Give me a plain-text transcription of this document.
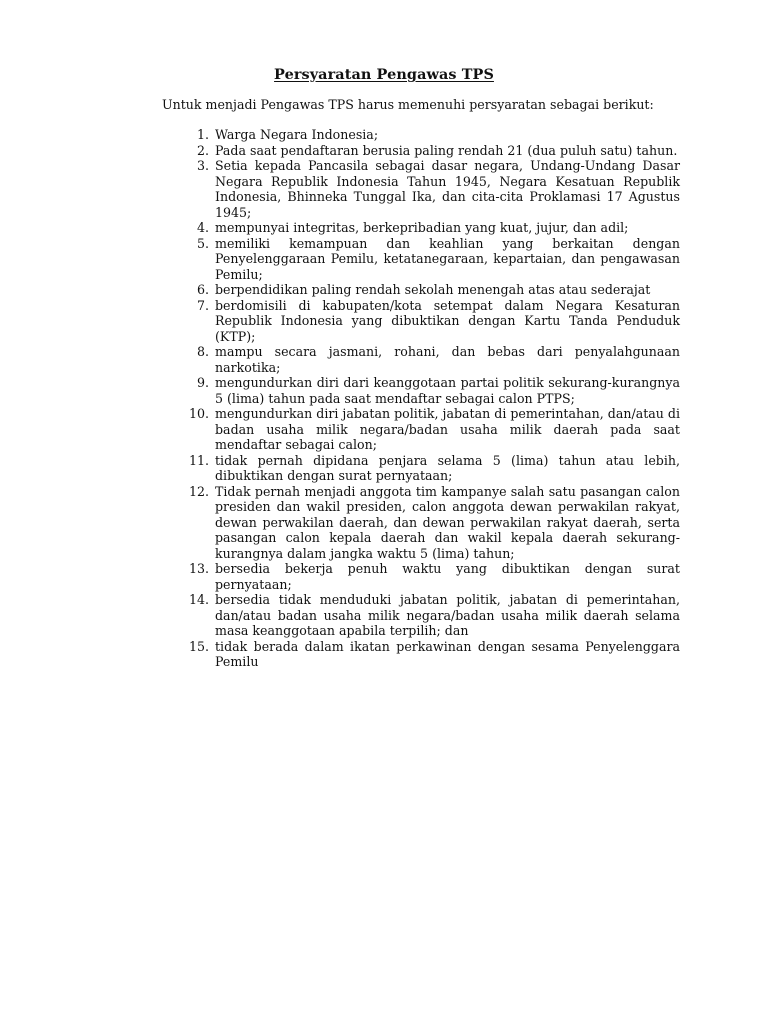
Persyaratan Pengawas TPS

Untuk menjadi Pengawas TPS harus memenuhi persyaratan sebagai berikut:

1. Warga Negara Indonesia;
2. Pada saat pendaftaran berusia paling rendah 21 (dua puluh satu) tahun.
3. Setia kepada Pancasila sebagai dasar negara, Undang-Undang Dasar Negara Republik Indonesia Tahun 1945, Negara Kesatuan Republik Indonesia, Bhinneka Tunggal Ika, dan cita-cita Proklamasi 17 Agustus 1945;
4. mempunyai integritas, berkepribadian yang kuat, jujur, dan adil;
5. memiliki kemampuan dan keahlian yang berkaitan dengan Penyelenggaraan Pemilu, ketatanegaraan, kepartaian, dan pengawasan Pemilu;
6. berpendidikan paling rendah sekolah menengah atas atau sederajat
7. berdomisili di kabupaten/kota setempat dalam Negara Kesaturan Republik Indonesia yang dibuktikan dengan Kartu Tanda Penduduk (KTP);
8. mampu secara jasmani, rohani, dan bebas dari penyalahgunaan narkotika;
9. mengundurkan diri dari keanggotaan partai politik sekurang-kurangnya 5 (lima) tahun pada saat mendaftar sebagai calon PTPS;
10. mengundurkan diri jabatan politik, jabatan di pemerintahan, dan/atau di badan usaha milik negara/badan usaha milik daerah pada saat mendaftar sebagai calon;
11. tidak pernah dipidana penjara selama 5 (lima) tahun atau lebih, dibuktikan dengan surat pernyataan;
12. Tidak pernah menjadi anggota tim kampanye salah satu pasangan calon presiden dan wakil presiden, calon anggota dewan perwakilan rakyat, dewan perwakilan daerah, dan dewan perwakilan rakyat daerah, serta pasangan calon kepala daerah dan wakil kepala daerah sekurang-kurangnya dalam jangka waktu 5 (lima) tahun;
13. bersedia bekerja penuh waktu yang dibuktikan dengan surat pernyataan;
14. bersedia tidak menduduki jabatan politik, jabatan di pemerintahan, dan/atau badan usaha milik negara/badan usaha milik daerah selama masa keanggotaan apabila terpilih; dan
15. tidak berada dalam ikatan perkawinan dengan sesama Penyelenggara Pemilu
